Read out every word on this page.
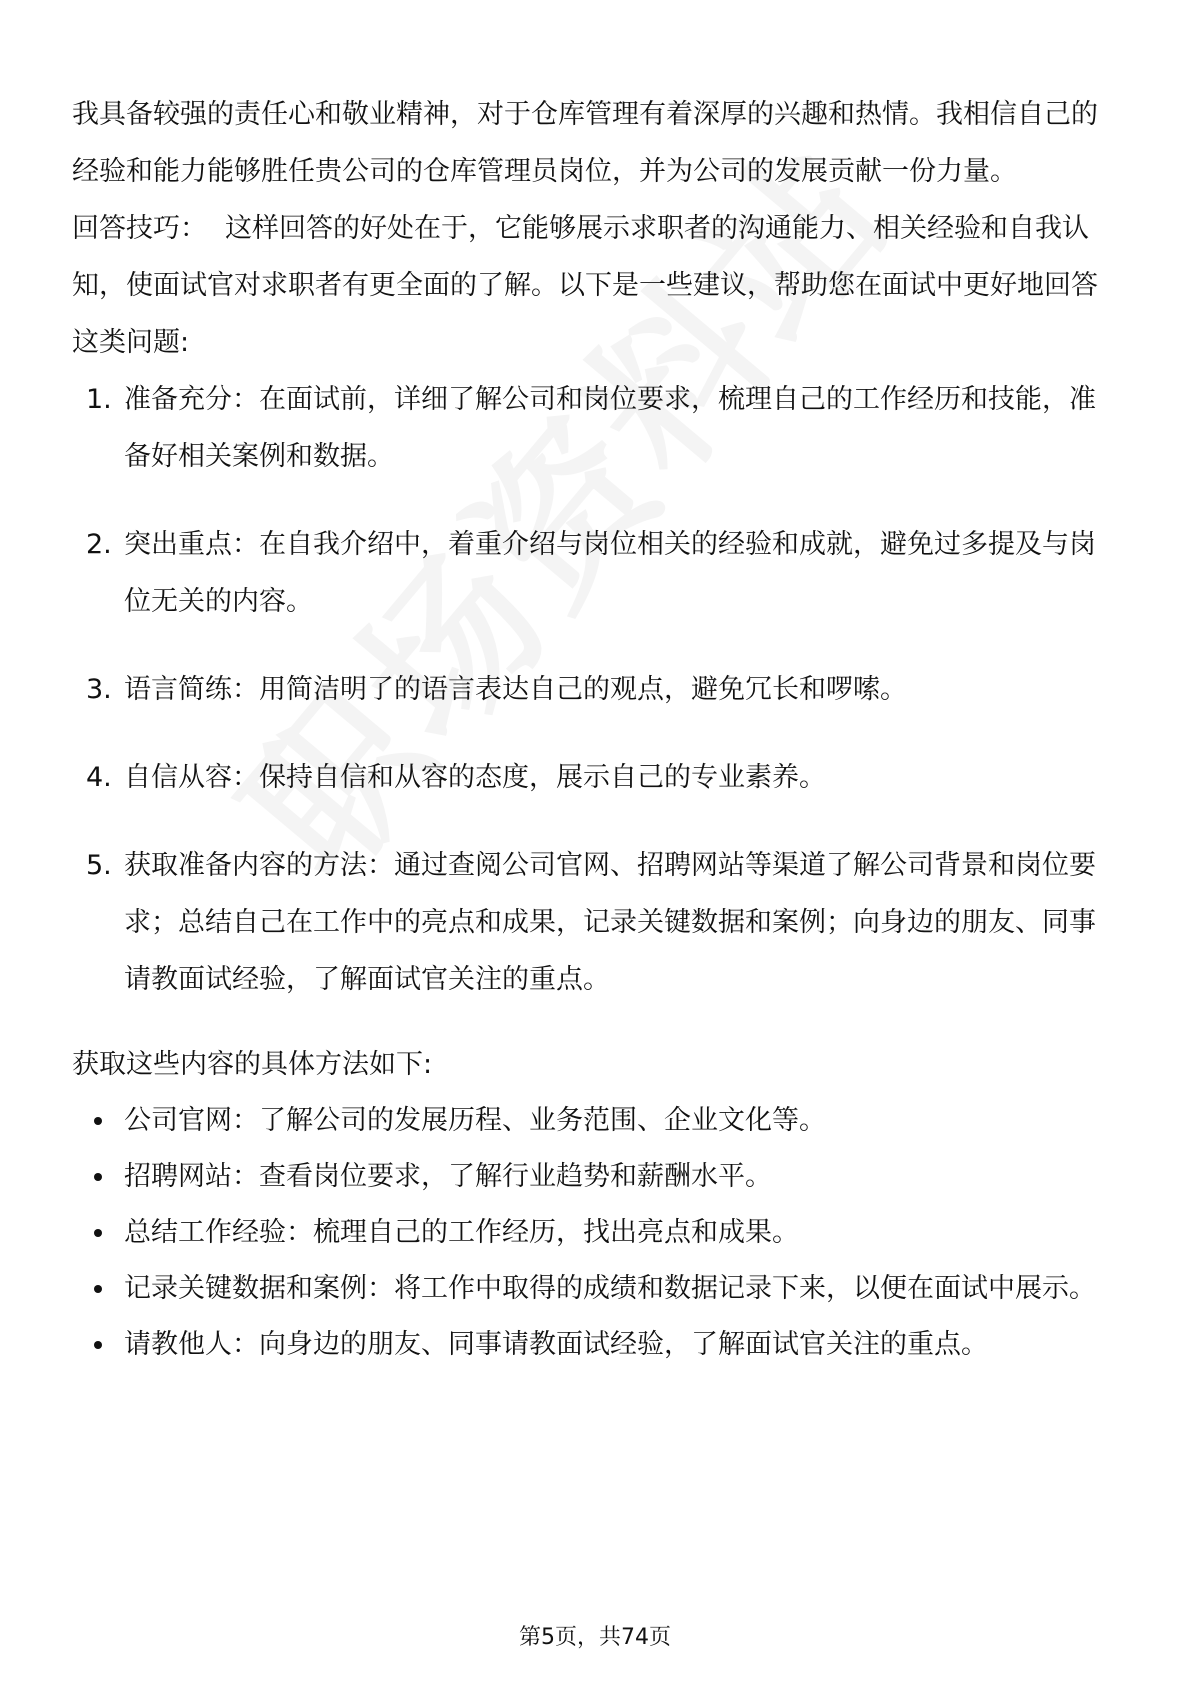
我具备较强的责任心和敬业精神，对于仓库管理有着深厚的兴趣和热情。我相信自己的经验和能力能够胜任贵公司的仓库管理员岗位，并为公司的发展贡献一份力量。

回答技巧： 这样回答的好处在于，它能够展示求职者的沟通能力、相关经验和自我认知，使面试官对求职者有更全面的了解。以下是一些建议，帮助您在面试中更好地回答这类问题:

1. 准备充分：在面试前，详细了解公司和岗位要求，梳理自己的工作经历和技能，准备好相关案例和数据。
2. 突出重点：在自我介绍中，着重介绍与岗位相关的经验和成就，避免过多提及与岗位无关的内容。
3. 语言简练：用简洁明了的语言表达自己的观点，避免冗长和啰嗦。
4. 自信从容：保持自信和从容的态度，展示自己的专业素养。
5. 获取准备内容的方法：通过查阅公司官网、招聘网站等渠道了解公司背景和岗位要求；总结自己在工作中的亮点和成果，记录关键数据和案例；向身边的朋友、同事请教面试经验，了解面试官关注的重点。

获取这些内容的具体方法如下:

公司官网：了解公司的发展历程、业务范围、企业文化等。
招聘网站：查看岗位要求，了解行业趋势和薪酬水平。
总结工作经验：梳理自己的工作经历，找出亮点和成果。
记录关键数据和案例：将工作中取得的成绩和数据记录下来，以便在面试中展示。
请教他人：向身边的朋友、同事请教面试经验，了解面试官关注的重点。
第5页，共74页
